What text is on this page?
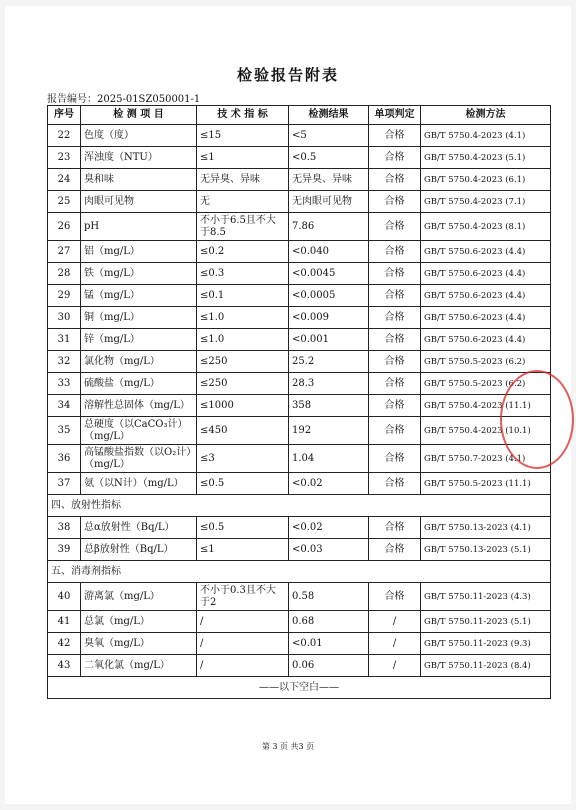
检验报告附表
报告编号：2025-01SZ050001-1
序号	检 测 项 目	技 术 指 标	检测结果	单项判定	检测方法
22	色度（度）	≤15	<5	合格	GB/T 5750.4-2023 (4.1)
23	浑浊度（NTU）	≤1	<0.5	合格	GB/T 5750.4-2023 (5.1)
24	臭和味	无异臭、异味	无异臭、异味	合格	GB/T 5750.4-2023 (6.1)
25	肉眼可见物	无	无肉眼可见物	合格	GB/T 5750.4-2023 (7.1)
26	pH	不小于6.5且不大于8.5	7.86	合格	GB/T 5750.4-2023 (8.1)
27	铝（mg/L）	≤0.2	<0.040	合格	GB/T 5750.6-2023 (4.4)
28	铁（mg/L）	≤0.3	<0.0045	合格	GB/T 5750.6-2023 (4.4)
29	锰（mg/L）	≤0.1	<0.0005	合格	GB/T 5750.6-2023 (4.4)
30	铜（mg/L）	≤1.0	<0.009	合格	GB/T 5750.6-2023 (4.4)
31	锌（mg/L）	≤1.0	<0.001	合格	GB/T 5750.6-2023 (4.4)
32	氯化物（mg/L）	≤250	25.2	合格	GB/T 5750.5-2023 (6.2)
33	硫酸盐（mg/L）	≤250	28.3	合格	GB/T 5750.5-2023 (6.2)
34	溶解性总固体（mg/L）	≤1000	358	合格	GB/T 5750.4-2023 (11.1)
35	总硬度（以CaCO₃计）（mg/L）	≤450	192	合格	GB/T 5750.4-2023 (10.1)
36	高锰酸盐指数（以O₂计）（mg/L）	≤3	1.04	合格	GB/T 5750.7-2023 (4.1)
37	氨（以N计）（mg/L）	≤0.5	<0.02	合格	GB/T 5750.5-2023 (11.1)
四、放射性指标					
38	总α放射性（Bq/L）	≤0.5	<0.02	合格	GB/T 5750.13-2023 (4.1)
39	总β放射性（Bq/L）	≤1	<0.03	合格	GB/T 5750.13-2023 (5.1)
五、消毒剂指标					
40	游离氯（mg/L）	不小于0.3且不大于2	0.58	合格	GB/T 5750.11-2023 (4.3)
41	总氯（mg/L）	/	0.68	/	GB/T 5750.11-2023 (5.1)
42	臭氧（mg/L）	/	<0.01	/	GB/T 5750.11-2023 (9.3)
43	二氧化氯（mg/L）	/	0.06	/	GB/T 5750.11-2023 (8.4)
——以下空白——					
第 3 页 共3 页
